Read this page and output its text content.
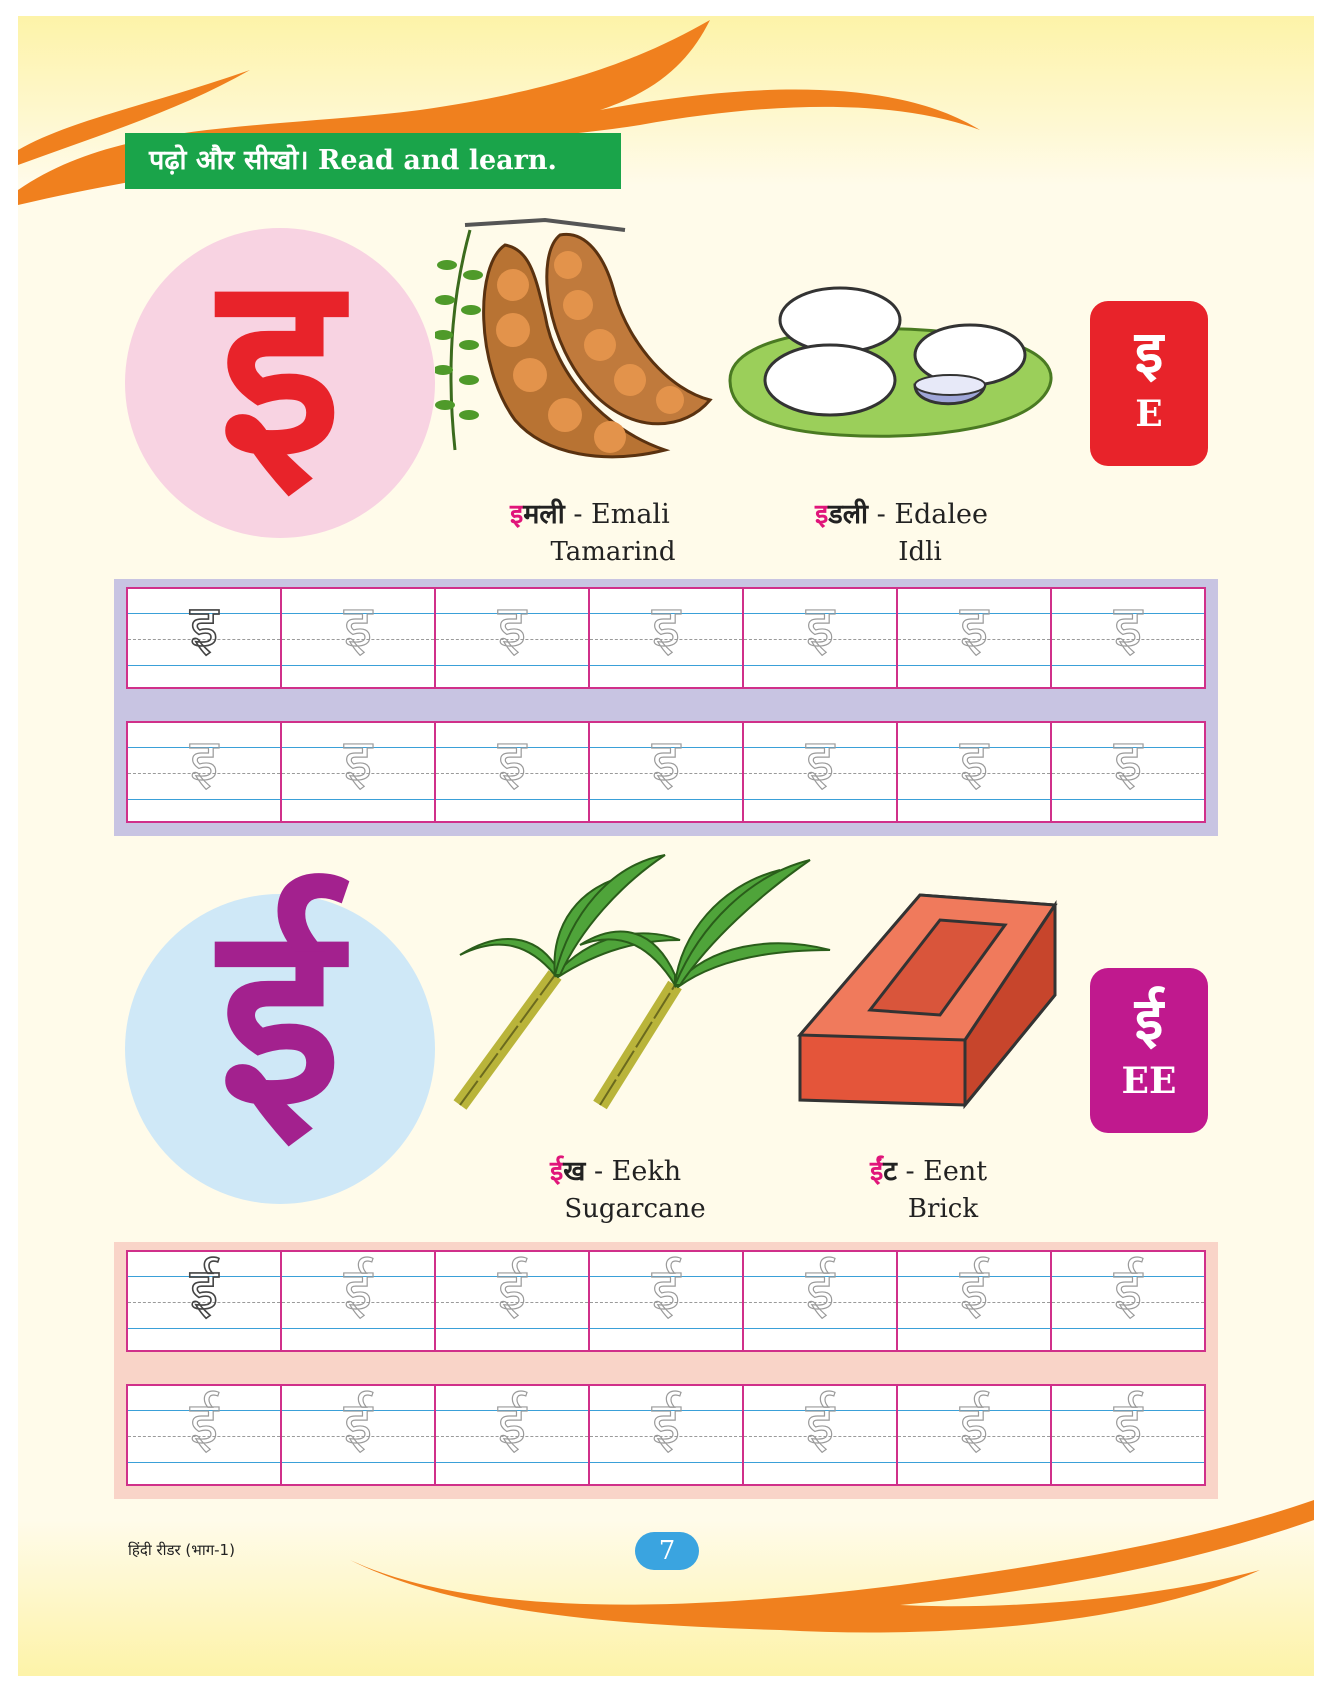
पढ़ो और सीखो। Read and learn.
इ	इ
E
इमली - Emali
Tamarind
इडली - Edalee
Idli
इ	इ	इ	इ	इ	इ	इ
इ	इ	इ	इ	इ	इ	इ
ई	ई
EE
ईख - Eekh
Sugarcane
ईंट - Eent
Brick
ई	ई	ई	ई	ई	ई	ई
ई	ई	ई	ई	ई	ई	ई
हिंदी रीडर (भाग-1)	7
